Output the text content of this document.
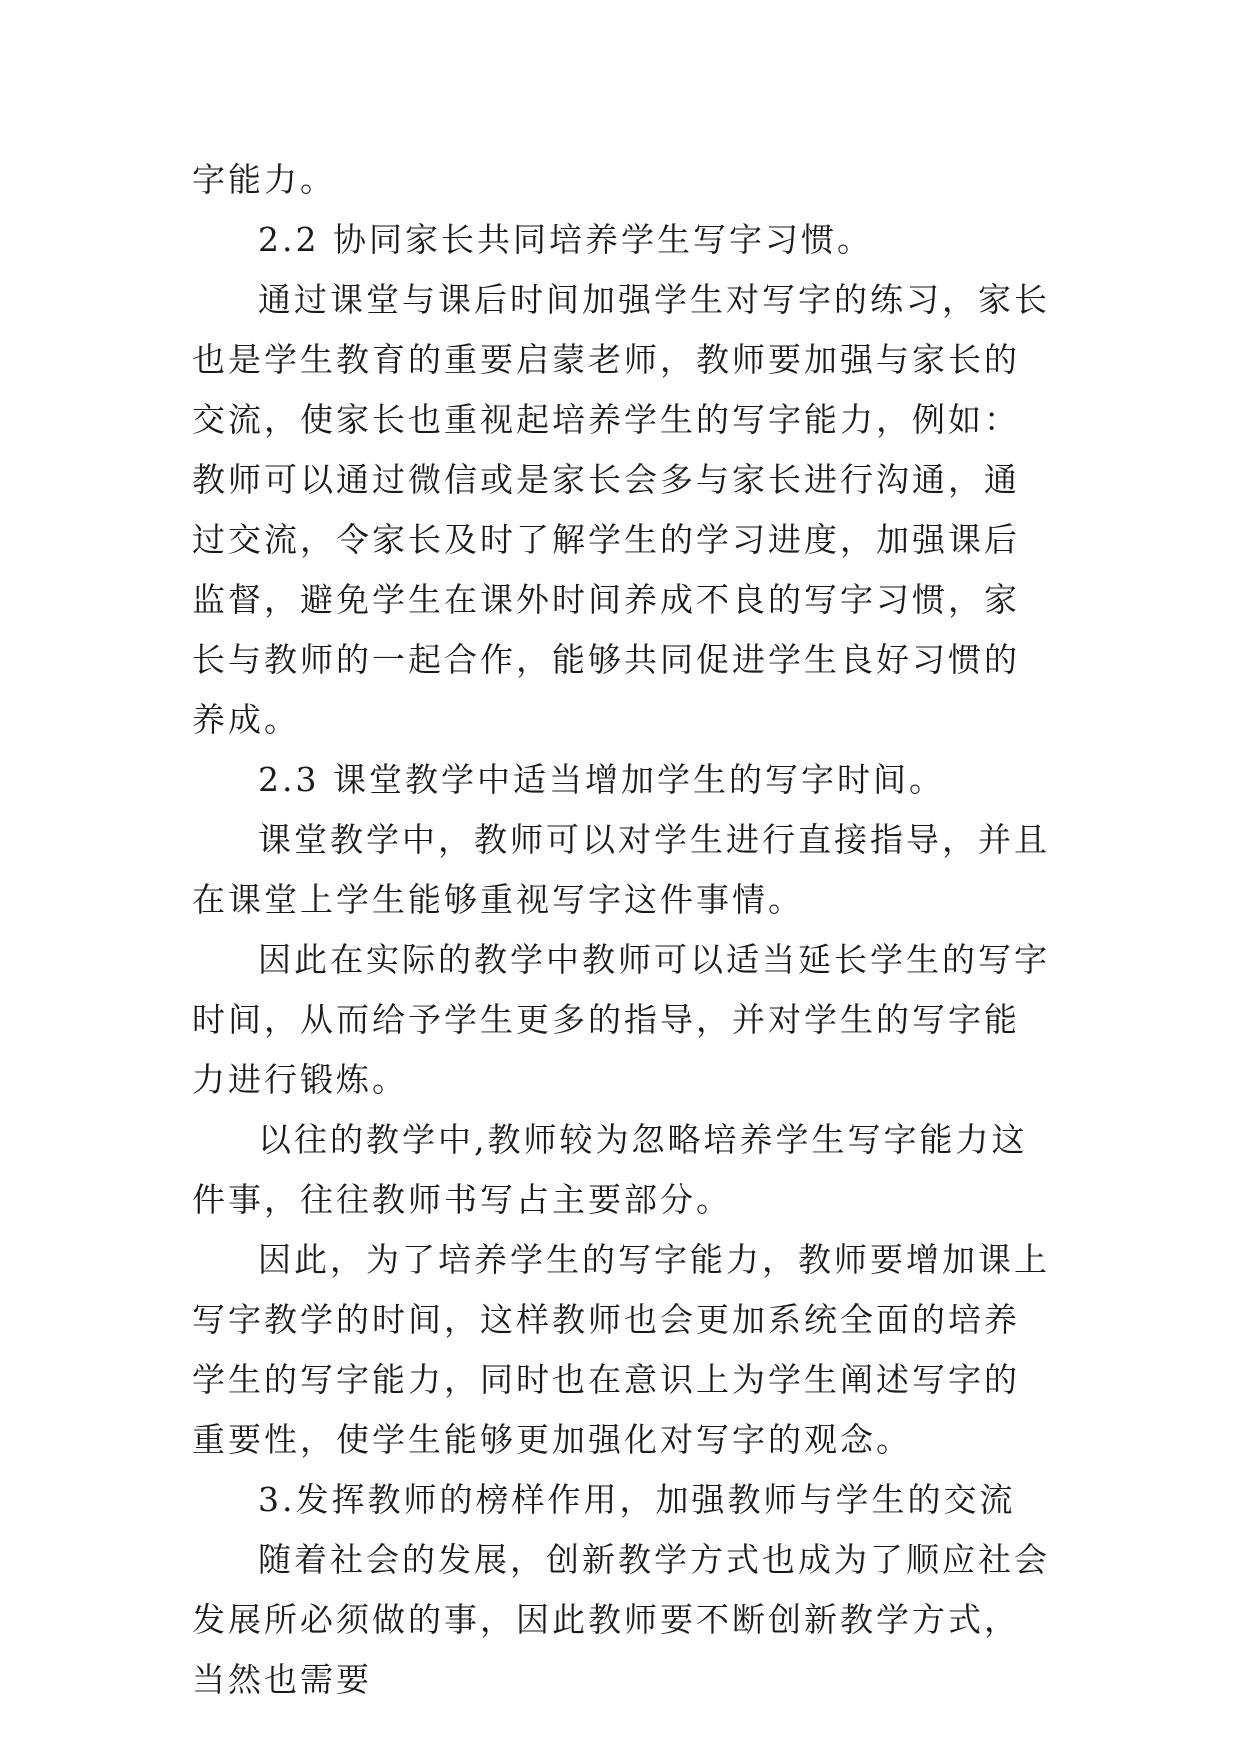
字能力。

2.2 协同家长共同培养学生写字习惯。

通过课堂与课后时间加强学生对写字的练习，家长也是学生教育的重要启蒙老师，教师要加强与家长的交流，使家长也重视起培养学生的写字能力，例如：教师可以通过微信或是家长会多与家长进行沟通，通过交流，令家长及时了解学生的学习进度，加强课后监督，避免学生在课外时间养成不良的写字习惯，家长与教师的一起合作，能够共同促进学生良好习惯的养成。

2.3 课堂教学中适当增加学生的写字时间。

课堂教学中，教师可以对学生进行直接指导，并且在课堂上学生能够重视写字这件事情。

因此在实际的教学中教师可以适当延长学生的写字时间，从而给予学生更多的指导，并对学生的写字能力进行锻炼。

以往的教学中,教师较为忽略培养学生写字能力这件事，往往教师书写占主要部分。

因此，为了培养学生的写字能力，教师要增加课上写字教学的时间，这样教师也会更加系统全面的培养学生的写字能力，同时也在意识上为学生阐述写字的重要性，使学生能够更加强化对写字的观念。

3.发挥教师的榜样作用，加强教师与学生的交流

随着社会的发展，创新教学方式也成为了顺应社会发展所必须做的事，因此教师要不断创新教学方式，当然也需要
